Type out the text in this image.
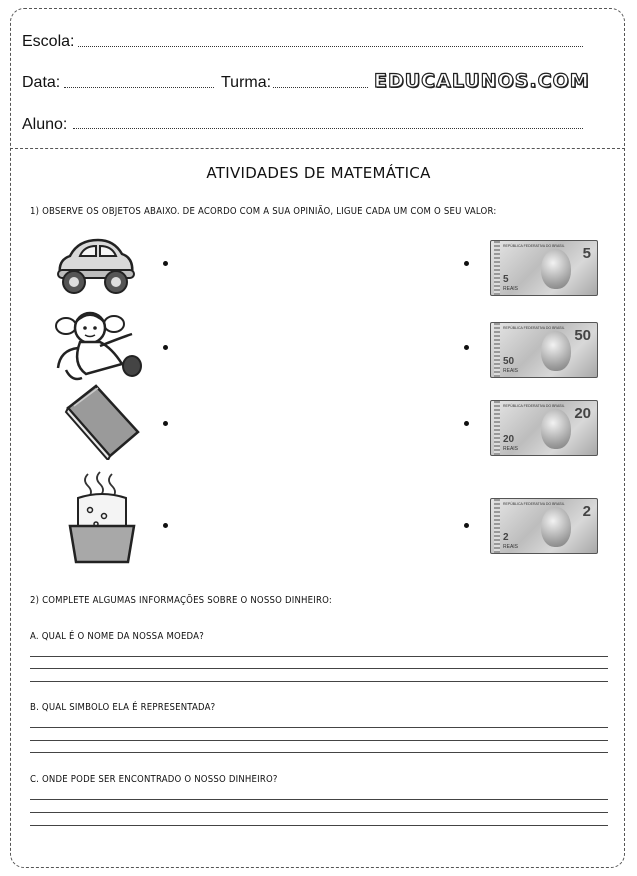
Escola:
Data:	Turma:	EDUCALUNOS.COM
Aluno:
ATIVIDADES DE MATEMÁTICA
1) OBSERVE OS OBJETOS ABAIXO. DE ACORDO COM A SUA OPINIÃO, LIGUE CADA UM COM O SEU VALOR:
REPÚBLICA FEDERATIVA DO BRASIL 5
5
REAIS
REPÚBLICA FEDERATIVA DO BRASIL 50
50
REAIS
REPÚBLICA FEDERATIVA DO BRASIL 20
20
REAIS
REPÚBLICA FEDERATIVA DO BRASIL 2
2
REAIS
2) COMPLETE ALGUMAS INFORMAÇÕES SOBRE O NOSSO DINHEIRO:
A. QUAL É O NOME DA NOSSA MOEDA?
B. QUAL SIMBOLO ELA É REPRESENTADA?
C. ONDE PODE SER ENCONTRADO O NOSSO DINHEIRO?
